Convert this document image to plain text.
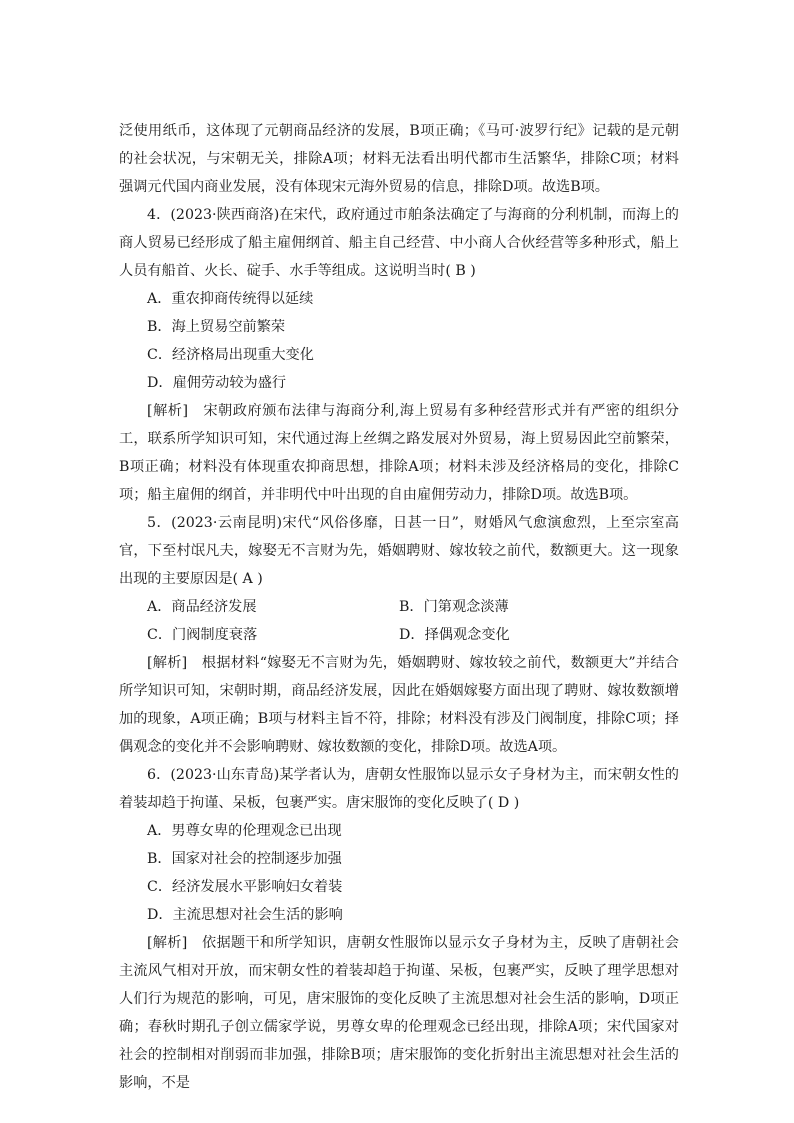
泛使用纸币，这体现了元朝商品经济的发展，B项正确；《马可·波罗行纪》记载的是元朝的社会状况，与宋朝无关，排除A项；材料无法看出明代都市生活繁华，排除C项；材料强调元代国内商业发展，没有体现宋元海外贸易的信息，排除D项。故选B项。

4．(2023·陕西商洛)在宋代，政府通过市舶条法确定了与海商的分利机制，而海上的商人贸易已经形成了船主雇佣纲首、船主自己经营、中小商人合伙经营等多种形式，船上人员有船首、火长、碇手、水手等组成。这说明当时( B )

A．重农抑商传统得以延续

B．海上贸易空前繁荣

C．经济格局出现重大变化

D．雇佣劳动较为盛行

[解析]　宋朝政府颁布法律与海商分利,海上贸易有多种经营形式并有严密的组织分工，联系所学知识可知，宋代通过海上丝绸之路发展对外贸易，海上贸易因此空前繁荣，B项正确；材料没有体现重农抑商思想，排除A项；材料未涉及经济格局的变化，排除C项；船主雇佣的纲首，并非明代中叶出现的自由雇佣劳动力，排除D项。故选B项。

5．(2023·云南昆明)宋代“风俗侈靡，日甚一日”，财婚风气愈演愈烈，上至宗室高官，下至村氓凡夫，嫁娶无不言财为先，婚姻聘财、嫁妆较之前代，数额更大。这一现象出现的主要原因是( A )

A．商品经济发展	B．门第观念淡薄
C．门阀制度衰落	D．择偶观念变化

[解析]　根据材料“嫁娶无不言财为先，婚姻聘财、嫁妆较之前代，数额更大”并结合所学知识可知，宋朝时期，商品经济发展，因此在婚姻嫁娶方面出现了聘财、嫁妆数额增加的现象，A项正确；B项与材料主旨不符，排除；材料没有涉及门阀制度，排除C项；择偶观念的变化并不会影响聘财、嫁妆数额的变化，排除D项。故选A项。

6．(2023·山东青岛)某学者认为，唐朝女性服饰以显示女子身材为主，而宋朝女性的着装却趋于拘谨、呆板，包裹严实。唐宋服饰的变化反映了( D )

A．男尊女卑的伦理观念已出现

B．国家对社会的控制逐步加强

C．经济发展水平影响妇女着装

D．主流思想对社会生活的影响

[解析]　依据题干和所学知识，唐朝女性服饰以显示女子身材为主，反映了唐朝社会主流风气相对开放，而宋朝女性的着装却趋于拘谨、呆板，包裹严实，反映了理学思想对人们行为规范的影响，可见，唐宋服饰的变化反映了主流思想对社会生活的影响，D项正确；春秋时期孔子创立儒家学说，男尊女卑的伦理观念已经出现，排除A项；宋代国家对社会的控制相对削弱而非加强，排除B项；唐宋服饰的变化折射出主流思想对社会生活的影响，不是
